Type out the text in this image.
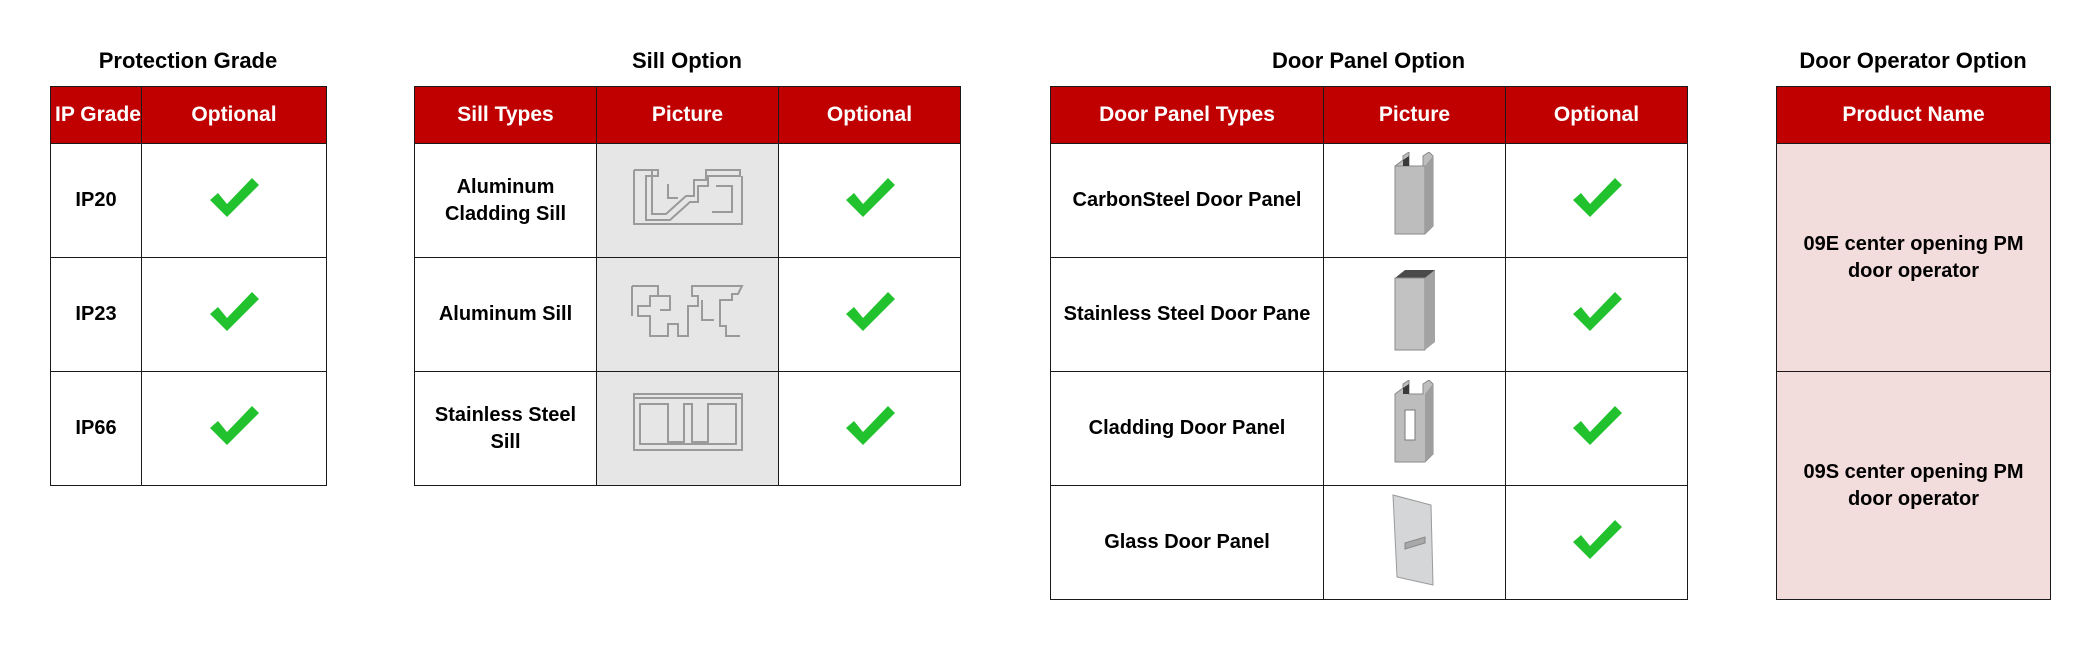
Protection Grade
IP Grade	Optional
IP20	
IP23	
IP66	
Sill Option
Sill Types	Picture	Optional
Aluminum Cladding Sill		
Aluminum Sill		
Stainless Steel Sill		
Door Panel Option
Door Panel Types	Picture	Optional
CarbonSteel Door Panel		
Stainless Steel Door Pane		
Cladding Door Panel		
Glass Door Panel		
Door Operator Option
Product Name
09E center opening PM door operator
09S center opening PM door operator
